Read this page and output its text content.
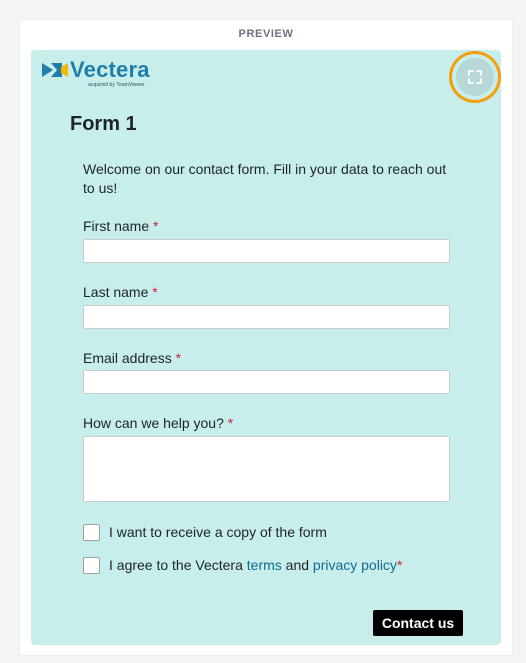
PREVIEW
Vectera
acquired by TeamViewer
Form 1
Welcome on our contact form. Fill in your data to reach out to us!
First name *
Last name *
Email address *
How can we help you? *
I want to receive a copy of the form
I agree to the Vectera terms and privacy policy *
Contact us
